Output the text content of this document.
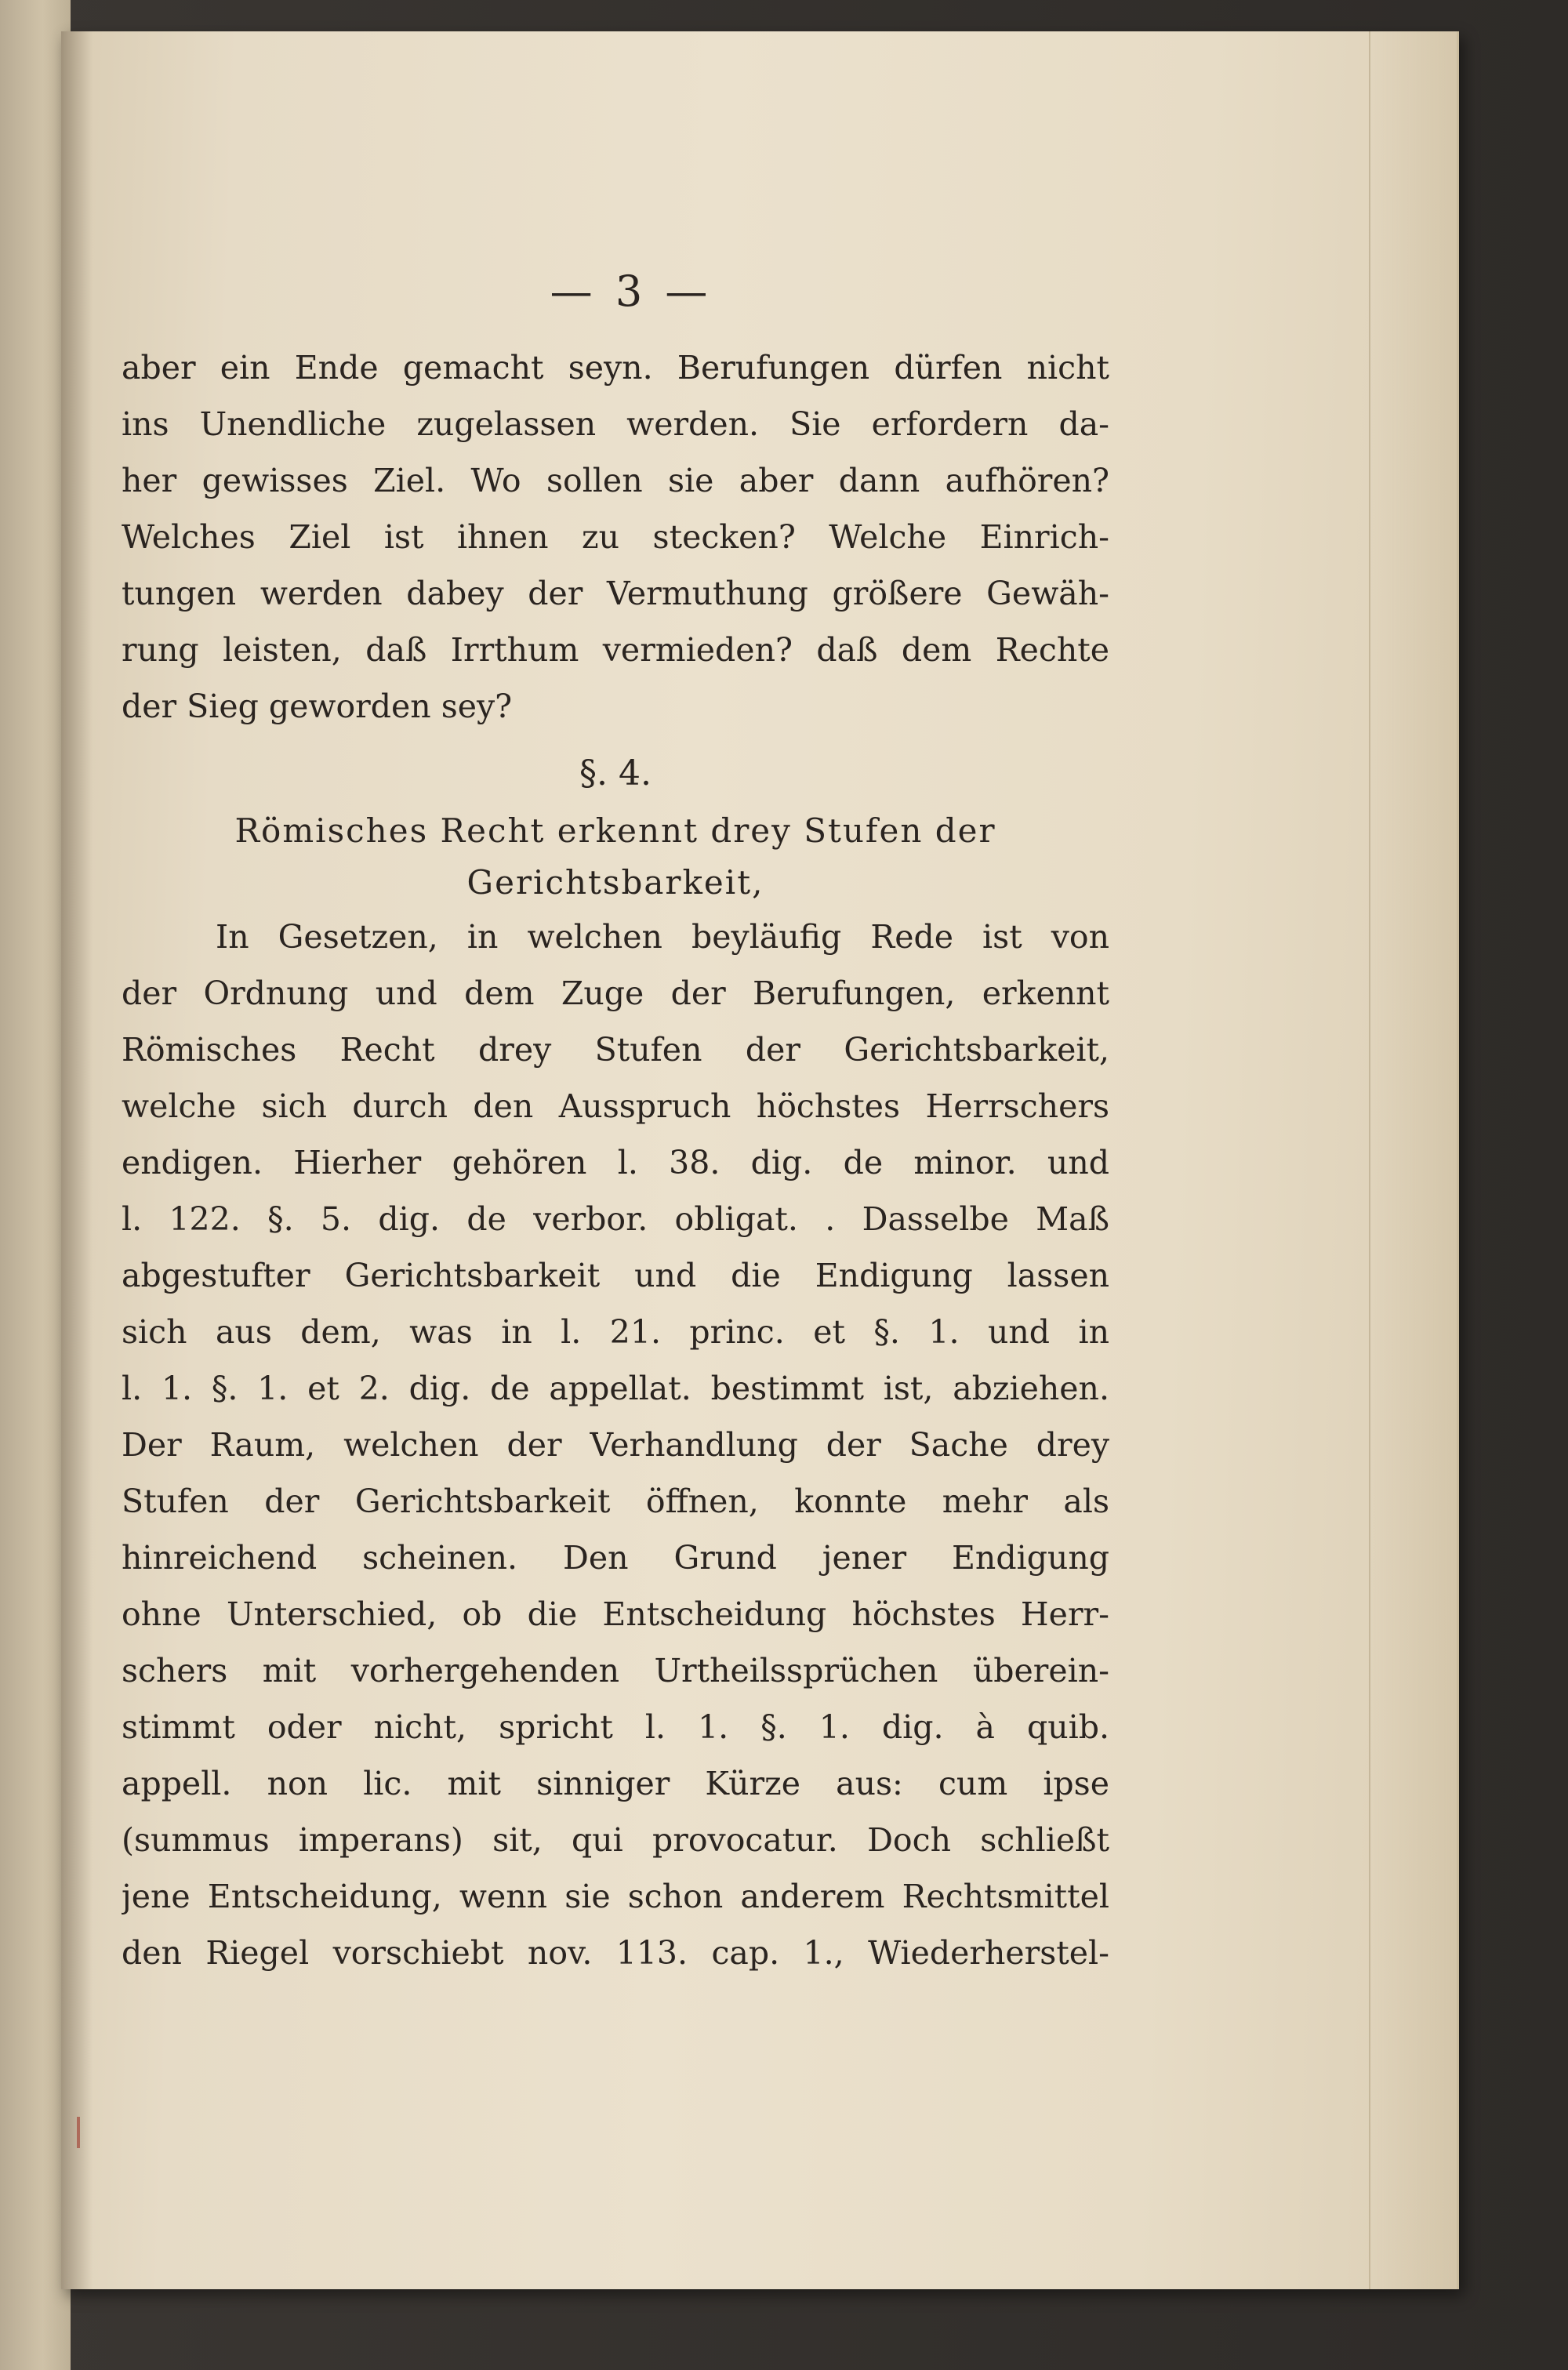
— 3 —
aber ein Ende gemacht seyn. Berufungen dürfen nicht
ins Unendliche zugelassen werden. Sie erfordern da-
her gewisses Ziel. Wo sollen sie aber dann aufhören?
Welches Ziel ist ihnen zu stecken? Welche Einrich-
tungen werden dabey der Vermuthung größere Gewäh-
rung leisten, daß Irrthum vermieden? daß dem Rechte
der Sieg geworden sey?
§. 4.
Römisches Recht erkennt drey Stufen der
Gerichtsbarkeit,
In Gesetzen, in welchen beyläufig Rede ist von
der Ordnung und dem Zuge der Berufungen, erkennt
Römisches Recht drey Stufen der Gerichtsbarkeit,
welche sich durch den Ausspruch höchstes Herrschers
endigen. Hierher gehören l. 38. dig. de minor. und
l. 122. §. 5. dig. de verbor. obligat. . Dasselbe Maß
abgestufter Gerichtsbarkeit und die Endigung lassen
sich aus dem, was in l. 21. princ. et §. 1. und in
l. 1. §. 1. et 2. dig. de appellat. bestimmt ist, abziehen.
Der Raum, welchen der Verhandlung der Sache drey
Stufen der Gerichtsbarkeit öffnen, konnte mehr als
hinreichend scheinen. Den Grund jener Endigung
ohne Unterschied, ob die Entscheidung höchstes Herr-
schers mit vorhergehenden Urtheilssprüchen überein-
stimmt oder nicht, spricht l. 1. §. 1. dig. à quib.
appell. non lic. mit sinniger Kürze aus: cum ipse
(summus imperans) sit, qui provocatur. Doch schließt
jene Entscheidung, wenn sie schon anderem Rechtsmittel
den Riegel vorschiebt nov. 113. cap. 1., Wiederherstel-
